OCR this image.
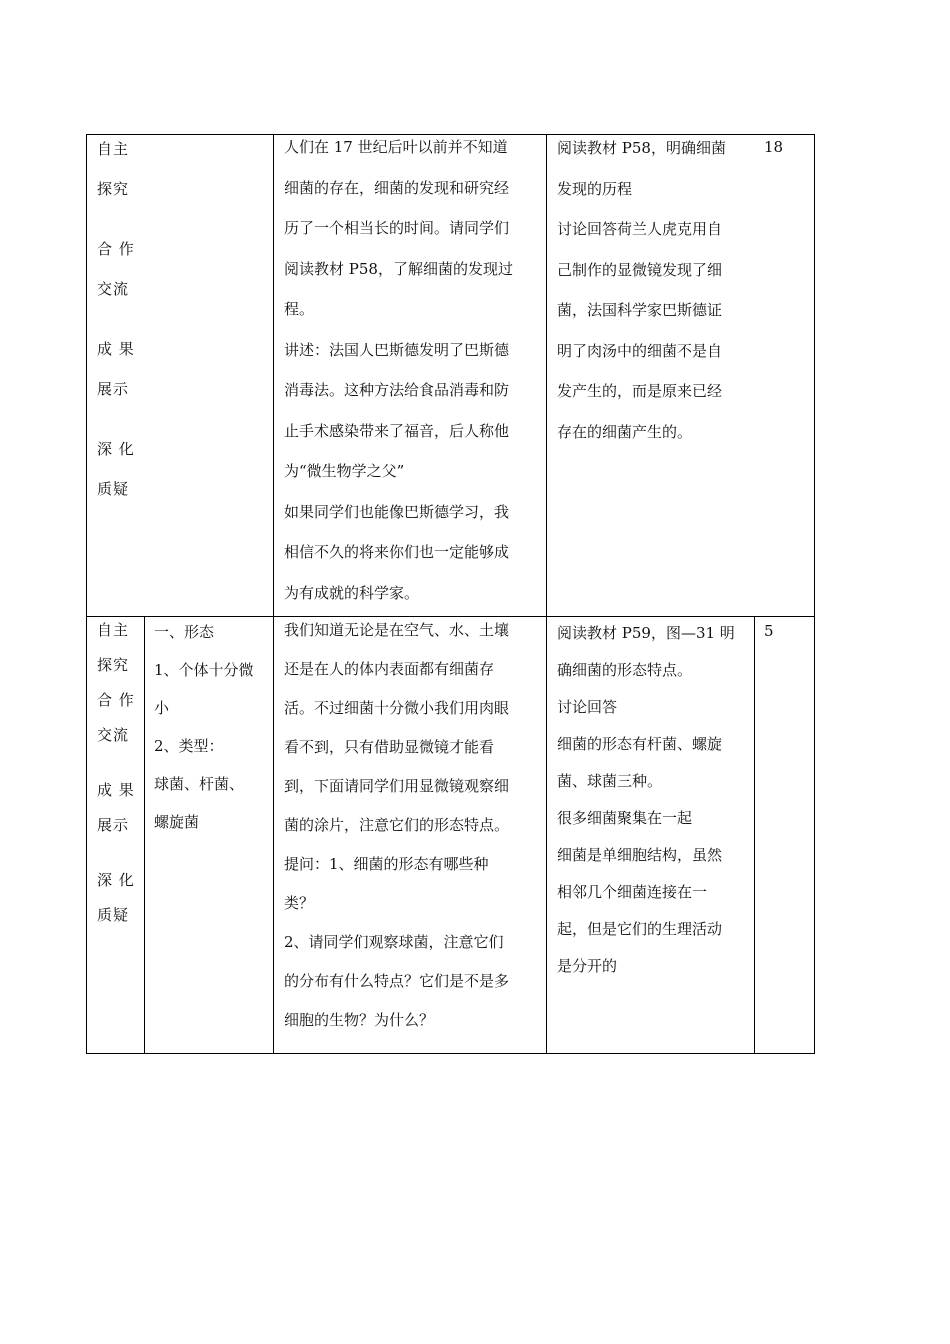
自主

探究

合 作

交流

成 果

展示

深 化

质疑

人们在 17 世纪后叶以前并不知道

细菌的存在，细菌的发现和研究经

历了一个相当长的时间。请同学们

阅读教材 P58，了解细菌的发现过

程。

讲述：法国人巴斯德发明了巴斯德

消毒法。这种方法给食品消毒和防

止手术感染带来了福音，后人称他

为“微生物学之父”

如果同学们也能像巴斯德学习，我

相信不久的将来你们也一定能够成

为有成就的科学家。

阅读教材 P58，明确细菌

发现的历程

讨论回答荷兰人虎克用自

己制作的显微镜发现了细

菌，法国科学家巴斯德证

明了肉汤中的细菌不是自

发产生的，而是原来已经

存在的细菌产生的。

18

自主

探究

合 作

交流

成 果

展示

深 化

质疑

一、形态

1、个体十分微

小

2、类型：

球菌、杆菌、

螺旋菌

我们知道无论是在空气、水、土壤

还是在人的体内表面都有细菌存

活。不过细菌十分微小我们用肉眼

看不到，只有借助显微镜才能看

到，下面请同学们用显微镜观察细

菌的涂片，注意它们的形态特点。

提问：1、细菌的形态有哪些种

类？

2、请同学们观察球菌，注意它们

的分布有什么特点？它们是不是多

细胞的生物？为什么？

阅读教材 P59，图—31 明

确细菌的形态特点。

讨论回答

细菌的形态有杆菌、螺旋

菌、球菌三种。

很多细菌聚集在一起

细菌是单细胞结构，虽然

相邻几个细菌连接在一

起，但是它们的生理活动

是分开的

5
